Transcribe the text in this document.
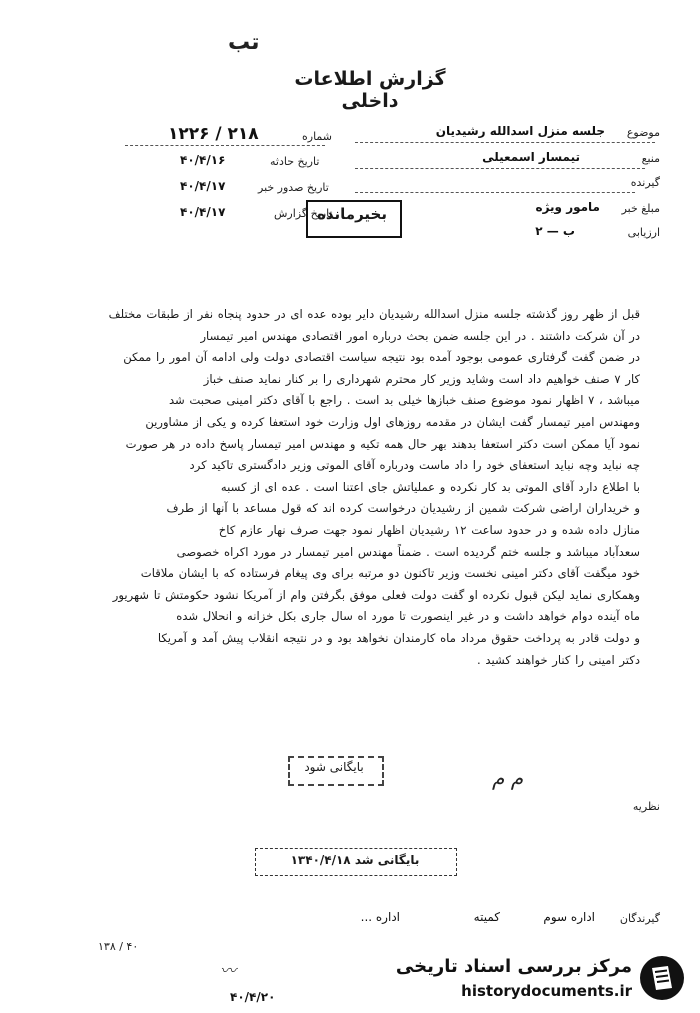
تب
گزارش اطلاعات داخلی
موضوع
جلسه منزل اسدالله رشیدیان
منبع
تیمسار اسمعیلی
گیرنده
مبلغ خبر
مامور ویژه
ارزیابی
ب — ۲
شماره
۱۲۲۶ / ۲۱۸
تاریخ حادثه
۴۰/۴/۱۶
تاریخ صدور خبر
۴۰/۴/۱۷
تاریخ گزارش
۴۰/۴/۱۷	بخیرمانده

قبل از ظهر روز گذشته جلسه منزل اسدالله رشیدیان دایر بوده عده ای در حدود پنجاه نفر از طبقات مختلف

در آن شرکت داشتند . در این جلسه ضمن بحث درباره امور اقتصادی مهندس امیر تیمسار

در ضمن گفت گرفتاری عمومی بوجود آمده بود نتیجه سیاست اقتصادی دولت ولی ادامه آن امور را ممکن

کار ۷ صنف خواهیم داد است وشاید وزیر کار محترم شهرداری را بر کنار نماید صنف خباز

میباشد ، ۷ اظهار نمود موضوع صنف خبازها خیلی بد است . راجع با آقای دکتر امینی صحبت شد

ومهندس امیر تیمسار گفت ایشان در مقدمه روزهای اول وزارت خود استعفا کرده و یکی از مشاورین

نمود آیا ممکن است دکتر استعفا بدهند بهر حال همه تکیه و مهندس امیر تیمسار پاسخ داده در هر صورت

چه نباید وچه نباید استعفای خود را داد ماست ودرباره آقای الموتی وزیر دادگستری تاکید کرد

با اطلاع دارد آقای الموتی بد کار نکرده و عملیاتش جای اعتنا است . عده ای از کسبه

و خریداران اراضی شرکت شمین از رشیدیان درخواست کرده اند که قول مساعد با آنها از طرف

منازل داده شده و در حدود ساعت ۱۲ رشیدیان اظهار نمود جهت صرف نهار عازم کاخ

سعدآباد میباشد و جلسه ختم گردیده است . ضمناً مهندس امیر تیمسار در مورد اکراه خصوصی

خود میگفت آقای دکتر امینی نخست وزیر تاکنون دو مرتبه برای وی پیغام فرستاده که با ایشان ملاقات

وهمکاری نماید لیکن قبول نکرده او گفت دولت فعلی موفق بگرفتن وام از آمریکا نشود حکومتش تا شهریور

ماه آینده دوام خواهد داشت و در غیر اینصورت تا مورد اه سال جاری بکل خزانه و انحلال شده

و دولت قادر به پرداخت حقوق مرداد ماه کارمندان نخواهد بود و در نتیجه انقلاب پیش آمد و آمریکا

دکتر امینی را کنار خواهند کشید .

بایگانی شود	م م
نظریه
بایگانی شد ۱۳۴۰/۴/۱۸
گیرندگان
اداره سوم
کمیته
اداره ...
۱۳۸ / ۴۰
〰
۴۰/۴/۲۰
مرکز بررسی اسناد تاریخی
historydocuments.ir
